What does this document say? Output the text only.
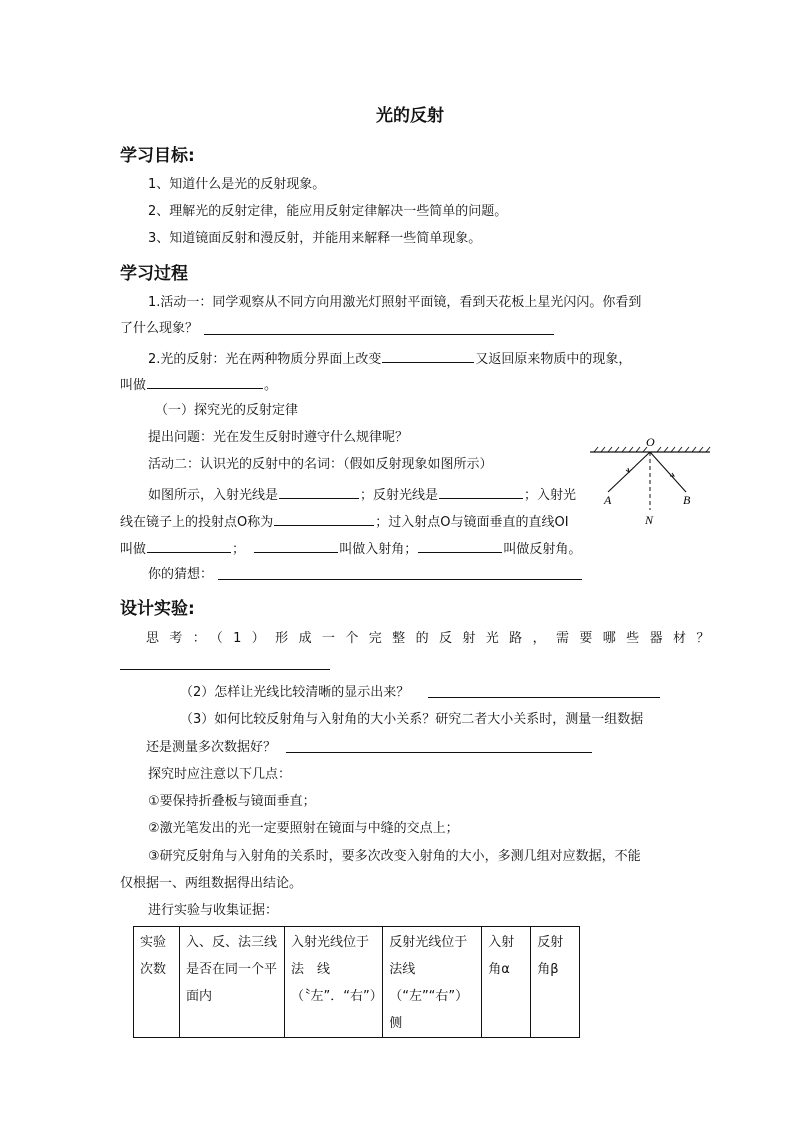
光的反射
学习目标:
1、知道什么是光的反射现象。
2、理解光的反射定律，能应用反射定律解决一些简单的问题。
3、知道镜面反射和漫反射，并能用来解释一些简单现象。
学习过程
1.活动一：同学观察从不同方向用激光灯照射平面镜，看到天花板上星光闪闪。你看到
了什么现象？
2.光的反射：光在两种物质分界面上改变	又返回原来物质中的现象，
叫做	。
（一）探究光的反射定律
提出问题：光在发生反射时遵守什么规律呢？
活动二：认识光的反射中的名词：（假如反射现象如图所示）
如图所示，入射光线是	；反射光线是	；入射光
线在镜子上的投射点O称为	；过入射点O与镜面垂直的直线OI
叫做	；	叫做入射角；	叫做反射角。
你的猜想：
O
A	B
N
设计实验:
思考：（1）形成一个完整的反射光路，需要哪些器材？
（2）怎样让光线比较清晰的显示出来？
（3）如何比较反射角与入射角的大小关系？研究二者大小关系时，测量一组数据
还是测量多次数据好？
探究时应注意以下几点：
①要保持折叠板与镜面垂直；
②激光笔发出的光一定要照射在镜面与中缝的交点上；
③研究反射角与入射角的关系时，要多次改变入射角的大小，多测几组对应数据，不能
仅根据一、两组数据得出结论。
进行实验与收集证据：
实验次数	入、反、法三线是否在同一个平面内	入射光线位于法　线　（〝左”．“右”）	反射光线位于法线（“左”“右”）侧	入射角α	反射角β
